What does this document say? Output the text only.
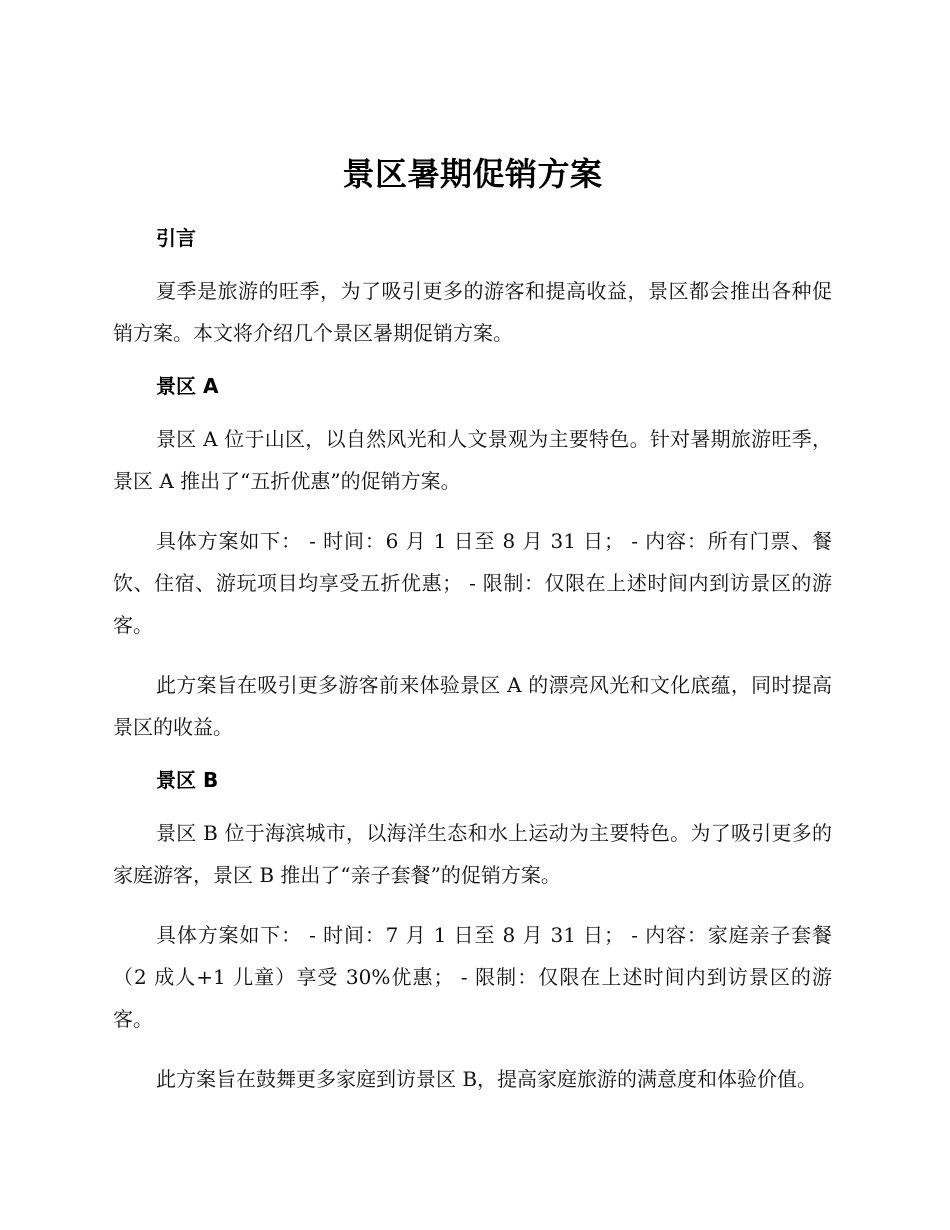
景区暑期促销方案
引言

夏季是旅游的旺季，为了吸引更多的游客和提高收益，景区都会推出各种促销方案。本文将介绍几个景区暑期促销方案。

景区 A

景区 A 位于山区，以自然风光和人文景观为主要特色。针对暑期旅游旺季，景区 A 推出了“五折优惠”的促销方案。

具体方案如下： - 时间：6 月 1 日至 8 月 31 日； - 内容：所有门票、餐饮、住宿、游玩项目均享受五折优惠； - 限制：仅限在上述时间内到访景区的游客。

此方案旨在吸引更多游客前来体验景区 A 的漂亮风光和文化底蕴，同时提高景区的收益。

景区 B

景区 B 位于海滨城市，以海洋生态和水上运动为主要特色。为了吸引更多的家庭游客，景区 B 推出了“亲子套餐”的促销方案。

具体方案如下： - 时间：7 月 1 日至 8 月 31 日； - 内容：家庭亲子套餐（2 成人+1 儿童）享受 30%优惠； - 限制：仅限在上述时间内到访景区的游客。

此方案旨在鼓舞更多家庭到访景区 B，提高家庭旅游的满意度和体验价值。
